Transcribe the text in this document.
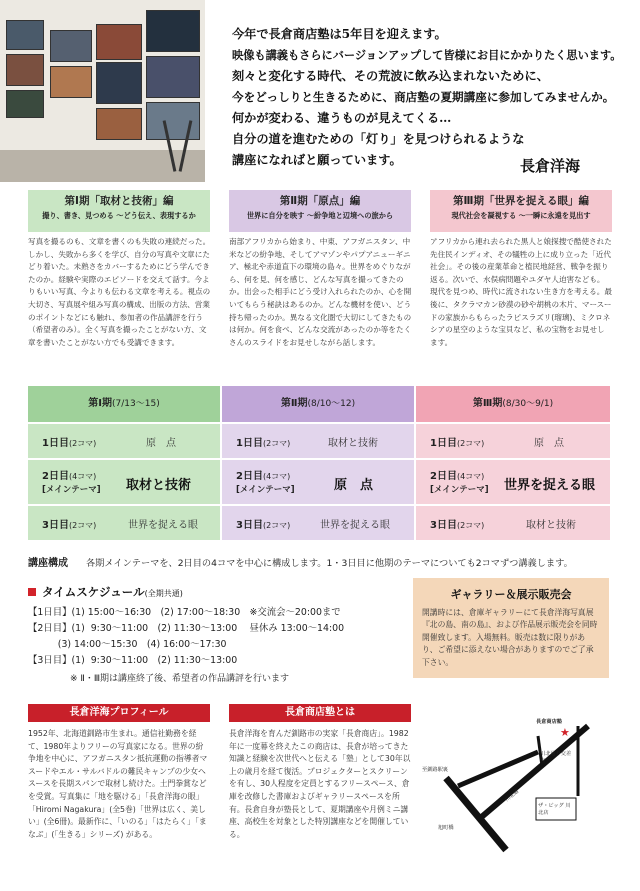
今年で長倉商店塾は5年目を迎えます。
映像も講義もさらにバージョンアップして皆様にお目にかかりたく思います。
刻々と変化する時代、その荒波に飲み込まれないために、
今をどっしりと生きるために、商店塾の夏期講座に参加してみませんか。
何かが変わる、違うものが見えてくる…
自分の道を進むための「灯り」を見つけられるような
講座になればと願っています。	長倉洋海
第Ⅰ期「取材と技術」編
撮り、書き、見つめる 〜どう伝え、表現するか
第Ⅱ期「原点」編
世界に自分を映す 〜紛争地と辺境への旅から
第Ⅲ期「世界を捉える眼」編
現代社会を凝視する 〜一瞬に永遠を見出す
写真を撮るのも、文章を書くのも失敗の連続だった。しかし、失敗から多くを学び、自分の写真や文章にたどり着いた。未熟さをカバーするためにどう学んできたのか。経験や実際のエピソードを交えて話す。今よりもいい写真、今よりも伝わる文章を考える。視点の大切さ、写真展や組み写真の構成、出版の方法、営業のポイントなどにも触れ、参加者の作品講評を行う（希望者のみ）。全く写真を撮ったことがない方、文章を書いたことがない方でも受講できます。
南部アフリカから始まり、中東、アフガニスタン、中米などの紛争地、そしてアマゾンやパプアニューギニア、極北や赤道直下の環境の島々。世界をめぐりながら、何を見、何を感じ、どんな写真を撮ってきたのか。出会った相手にどう受け入れられたのか、心を開いてもらう秘訣はあるのか。どんな機材を使い、どう持ち帰ったのか。異なる文化圏で大切にしてきたものは何か。何を食べ、どんな交流があったのか等をたくさんのスライドをお見せしながら話します。
アフリカから連れ去られた黒人と娘探捜で酷使された先住民インディオ、その犠牲の上に成り立った「近代社会」。その後の産業革命と植民地経営、戦争を振り返る。次いで、水俣病問題やユダヤ人迫害なども。現代を見つめ、時代に流されない生き方を考える。最後に、タクラマカン砂漠の砂や胡桃の木片、マースードの家族からもらったラピスラズリ(瑠璃)、ミクロネシアの星空のような宝貝など、私の宝物をお見せします。
第Ⅰ期(7/13〜15)
1日目(2コマ)	原　点
2日目(4コマ)
[メインテーマ] 取材と技術
3日目(2コマ)	世界を捉える眼
第Ⅱ期(8/10〜12)
1日目(2コマ)	取材と技術
2日目(4コマ)
[メインテーマ]	原　点
3日目(2コマ)	世界を捉える眼
第Ⅲ期(8/30〜9/1)
1日目(2コマ)	原　点
2日目(4コマ)
[メインテーマ] 世界を捉える眼
3日目(2コマ)	取材と技術
講座構成 各期メインテーマを、2日目の4コマを中心に構成します。1・3日目に他期のテーマについても2コマずつ講義します。
タイムスケジュール(全期共通)
【1日目】(1) 15:00〜16:30　(2) 17:00〜18:30　※交流会〜20:00まで
【2日目】(1)  9:30〜11:00　(2) 11:30〜13:00　 昼休み 13:00〜14:00
(3) 14:00〜15:30　(4) 16:00〜17:30
【3日目】(1)  9:30〜11:00　(2) 11:30〜13:00
※ Ⅱ・Ⅲ期は講座終了後、希望者の作品講評を行います
ギャラリー＆展示販売会
開講時には、倉庫ギャラリーにて長倉洋海写真展『北の島、南の島』、および作品展示販売会を同時開催致します。入場無料。販売は数に限りがあり、ご希望に添えない場合がありますのでご了承下さい。
長倉洋海プロフィール
1952年、北海道釧路市生まれ。通信社勤務を経て、1980年よりフリーの写真家になる。世界の紛争地を中心に、アフガニスタン抵抗運動の指導者マスードやエル・サルバドルの難民キャンプの少女ヘスースを長期スパンで取材し続けた。土門拳賞などを受賞。写真集に「地を駆ける」「長倉洋海の眼」「Hiromi Nagakura」(全5巻)「世界は広く、美しい」(全6冊)。最新作に、「いのる」「はたらく」「まなぶ」(「生きる」シリーズ) がある。
長倉商店塾とは
長倉洋海を育んだ釧路市の実家「長倉商店」。1982年に一度幕を終えたこの商店は、長倉が培ってきた知識と経験を次世代へと伝える「塾」として30年以上の歳月を経て復活。プロジェクターとスクリーンを有し、30人程度を定員とするフリースペース、倉庫を改修した書庫およびギャラリースペースを所有。長倉自身が塾長として、夏期講座や月例ミニ講座、高校生を対象とした特別講座などを開催している。
★
長倉商店塾
至釧路駅裏
川北通
川北通り交差点
旭町橋
ザ・ビッグ 川北店
